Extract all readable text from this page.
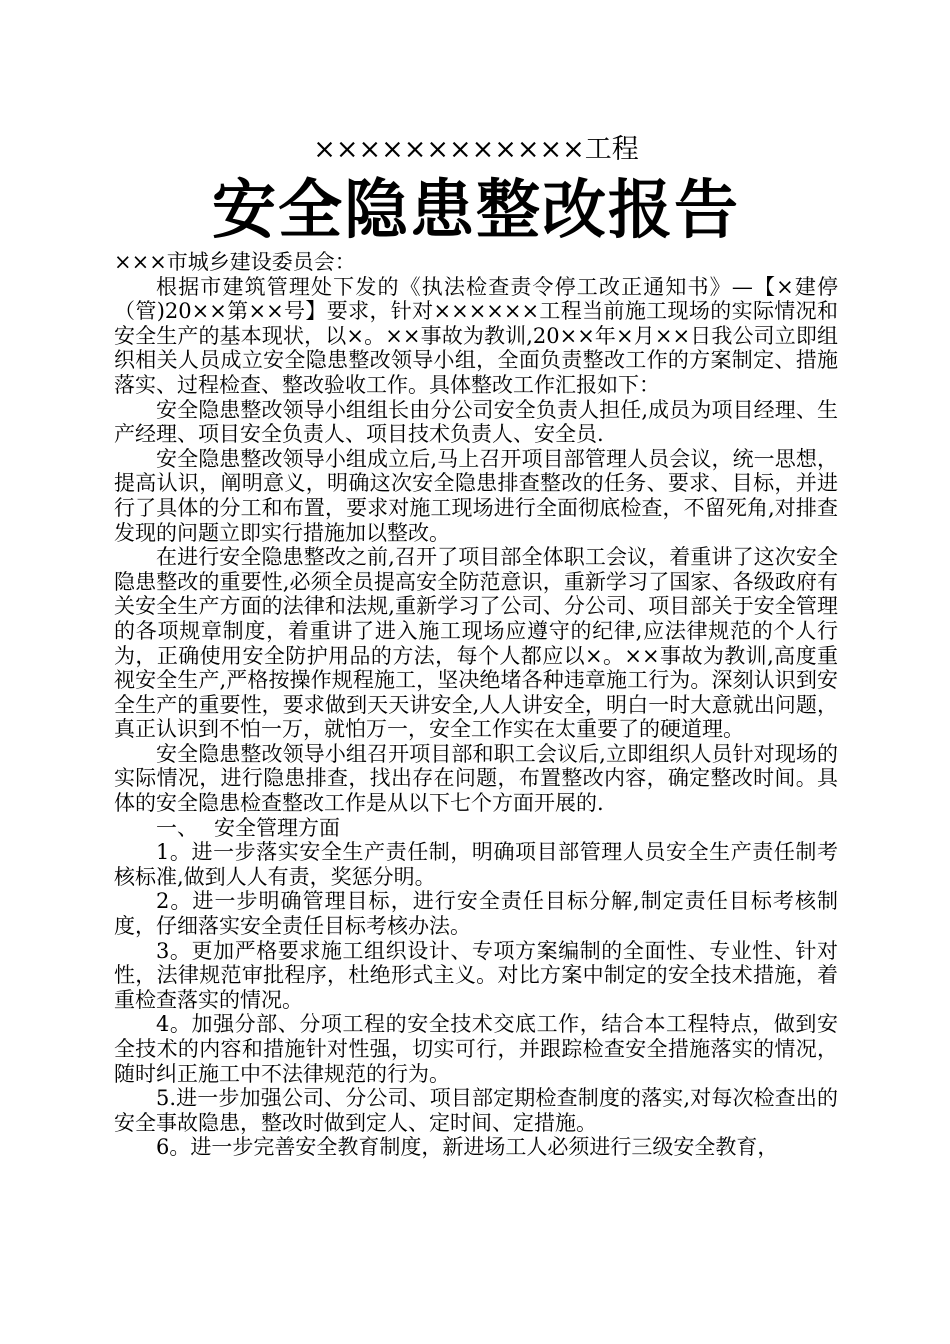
××××××××××××工程
安全隐患整改报告

×××市城乡建设委员会：

根据市建筑管理处下发的《执法检查责令停工改正通知书》—【×建停（管)20××第××号】要求，针对××××××工程当前施工现场的实际情况和安全生产的基本现状，以×。××事故为教训,20××年×月××日我公司立即组织相关人员成立安全隐患整改领导小组，全面负责整改工作的方案制定、措施落实、过程检查、整改验收工作。具体整改工作汇报如下：

安全隐患整改领导小组组长由分公司安全负责人担任,成员为项目经理、生产经理、项目安全负责人、项目技术负责人、安全员.

安全隐患整改领导小组成立后,马上召开项目部管理人员会议，统一思想，提高认识，阐明意义，明确这次安全隐患排查整改的任务、要求、目标，并进行了具体的分工和布置，要求对施工现场进行全面彻底检查，不留死角,对排查发现的问题立即实行措施加以整改。

在进行安全隐患整改之前,召开了项目部全体职工会议，着重讲了这次安全隐患整改的重要性,必须全员提高安全防范意识，重新学习了国家、各级政府有关安全生产方面的法律和法规,重新学习了公司、分公司、项目部关于安全管理的各项规章制度，着重讲了进入施工现场应遵守的纪律,应法律规范的个人行为，正确使用安全防护用品的方法，每个人都应以×。××事故为教训,高度重视安全生产,严格按操作规程施工，坚决绝堵各种违章施工行为。深刻认识到安全生产的重要性，要求做到天天讲安全,人人讲安全，明白一时大意就出问题，真正认识到不怕一万，就怕万一，安全工作实在太重要了的硬道理。

安全隐患整改领导小组召开项目部和职工会议后,立即组织人员针对现场的实际情况，进行隐患排查，找出存在问题，布置整改内容，确定整改时间。具体的安全隐患检查整改工作是从以下七个方面开展的.

一、 安全管理方面

1。进一步落实安全生产责任制，明确项目部管理人员安全生产责任制考核标准,做到人人有责，奖惩分明。

2。进一步明确管理目标，进行安全责任目标分解,制定责任目标考核制度，仔细落实安全责任目标考核办法。

3。更加严格要求施工组织设计、专项方案编制的全面性、专业性、针对性，法律规范审批程序，杜绝形式主义。对比方案中制定的安全技术措施，着重检查落实的情况。

4。加强分部、分项工程的安全技术交底工作，结合本工程特点，做到安全技术的内容和措施针对性强，切实可行，并跟踪检查安全措施落实的情况，随时纠正施工中不法律规范的行为。

5.进一步加强公司、分公司、项目部定期检查制度的落实,对每次检查出的安全事故隐患，整改时做到定人、定时间、定措施。

6。进一步完善安全教育制度，新进场工人必须进行三级安全教育，
